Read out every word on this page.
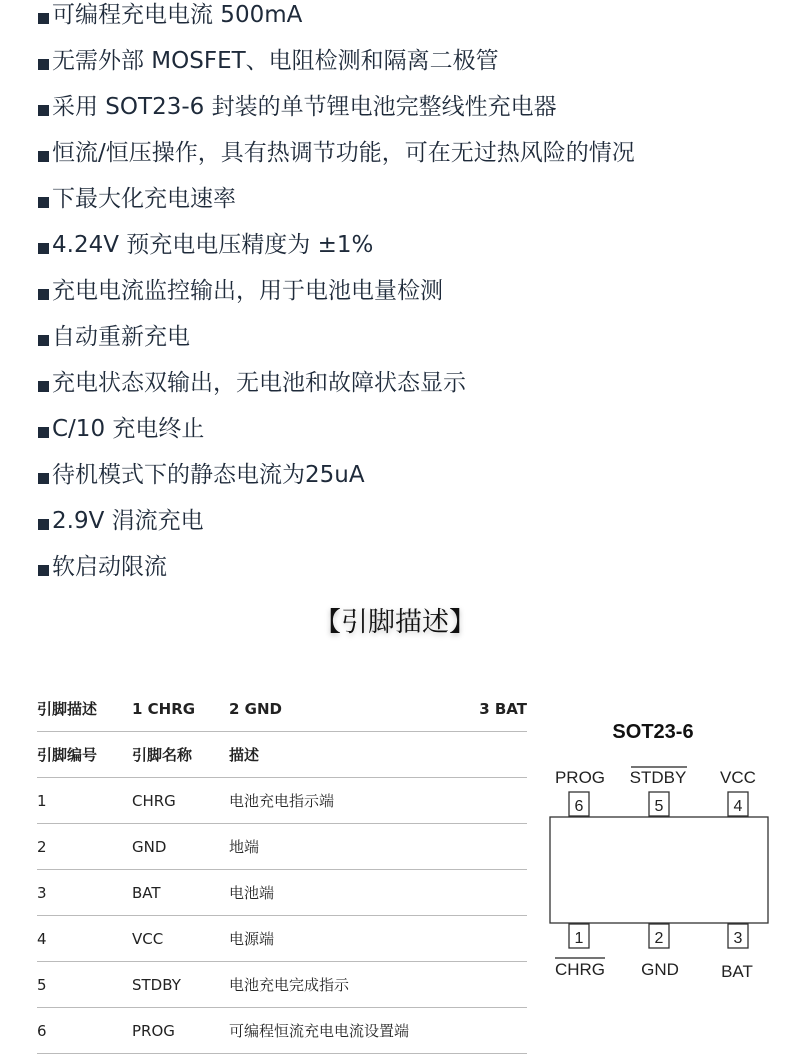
可编程充电电流 500mA
无需外部 MOSFET、电阻检测和隔离二极管
采用 SOT23-6 封装的单节锂电池完整线性充电器
恒流/恒压操作，具有热调节功能，可在无过热风险的情况
下最大化充电速率
4.24V 预充电电压精度为 ±1%
充电电流监控输出，用于电池电量检测
自动重新充电
充电状态双输出，无电池和故障状态显示
C/10 充电终止
待机模式下的静态电流为25uA
2.9V 涓流充电
软启动限流
【引脚描述】
引脚描述	1 CHRG	2 GND	3 BAT
引脚编号	引脚名称	描述	
1	CHRG	电池充电指示端	
2	GND	地端	
3	BAT	电池端	
4	VCC	电源端	
5	STDBY	电池充电完成指示	
6	PROG	可编程恒流充电电流设置端	
SOT23-6
PROG STDBY VCC
6	5	4
1	2	3
CHRG GND BAT
